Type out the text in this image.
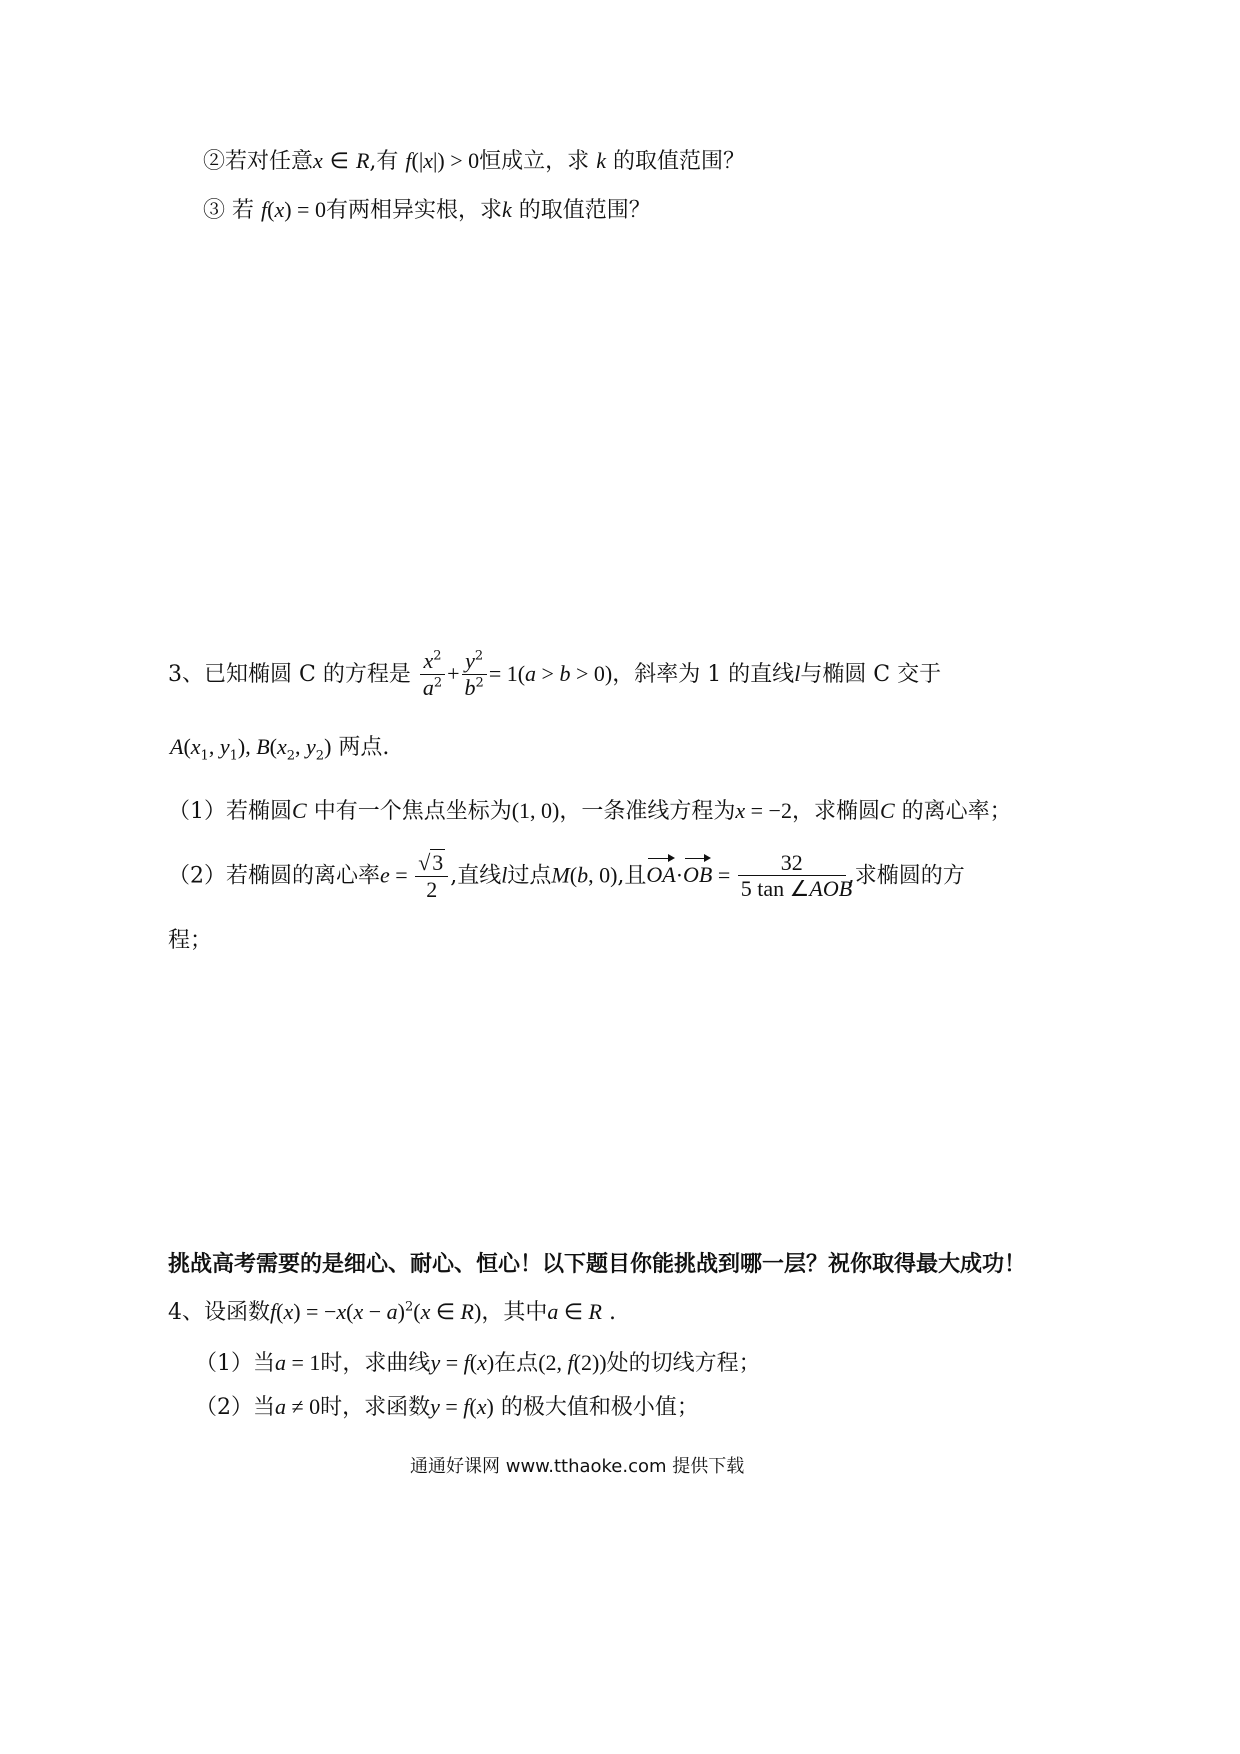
②若对任意x ∈ R,有 f(|x|) > 0恒成立，求 k 的取值范围？
③ 若 f(x) = 0有两相异实根，求k 的取值范围？
3、已知椭圆 C 的方程是 $\frac{x^2}{a^2} + \frac{y^2}{b^2} = 1(a > b > 0)$，斜率为 1 的直线l与椭圆 C 交于
$A(x_1$, $y_1$), $B(x_2$, $y_2$) 两点.
（1）若椭圆C 中有一个焦点坐标为(1, 0)，一条准线方程为x = −2，求椭圆C 的离心率；
（2）若椭圆的离心率$e = \frac{√3}{2}$ ,直线l过点M(b, 0),且$OA\cdot OB = \frac{32}{\text{5 tan ∠AOB}}$ ,求椭圆的方
程；
挑战高考需要的是细心、耐心、恒心！以下题目你能挑战到哪一层？祝你取得最大成功！
4、设函数$f(x) = -x(x - a)^2(x$ ∈ R)，其中a ∈ R .
（1）当a = 1时，求曲线y = f(x)在点(2, f(2))处的切线方程；
（2）当a ≠ 0时，求函数y = f(x) 的极大值和极小值；
通通好课网 www.tthaoke.com 提供下载
